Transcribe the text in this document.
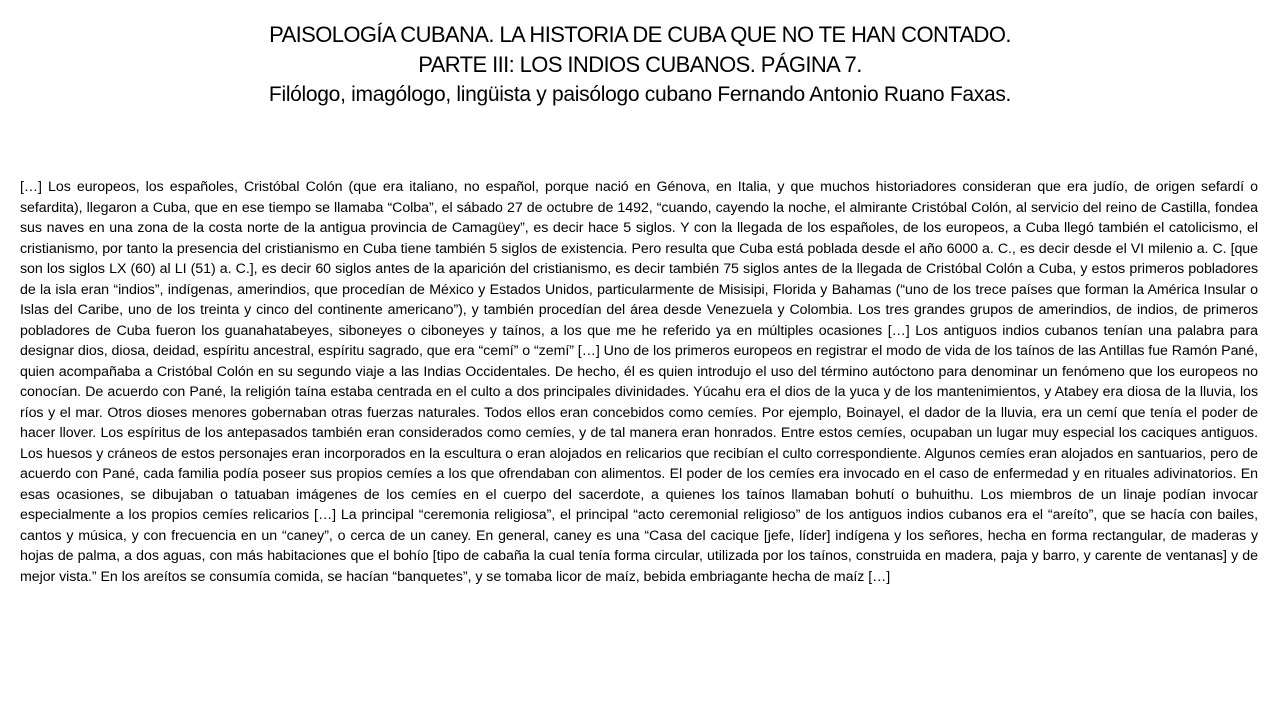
PAISOLOGÍA CUBANA. LA HISTORIA DE CUBA QUE NO TE HAN CONTADO.

PARTE III: LOS INDIOS CUBANOS. PÁGINA 7.

Filólogo, imagólogo, lingüista y paisólogo cubano Fernando Antonio Ruano Faxas.

[…] Los europeos, los españoles, Cristóbal Colón (que era italiano, no español, porque nació en Génova, en Italia, y que muchos historiadores consideran que era judío, de origen sefardí o sefardita), llegaron a Cuba, que en ese tiempo se llamaba “Colba”, el sábado 27 de octubre de 1492, “cuando, cayendo la noche, el almirante Cristóbal Colón, al servicio del reino de Castilla, fondea sus naves en una zona de la costa norte de la antigua provincia de Camagüey”, es decir hace 5 siglos. Y con la llegada de los españoles, de los europeos, a Cuba llegó también el catolicismo, el cristianismo, por tanto la presencia del cristianismo en Cuba tiene también 5 siglos de existencia. Pero resulta que Cuba está poblada desde el año 6000 a. C., es decir desde el VI milenio a. C. [que son los siglos LX (60) al LI (51) a. C.], es decir 60 siglos antes de la aparición del cristianismo, es decir también 75 siglos antes de la llegada de Cristóbal Colón a Cuba, y estos primeros pobladores de la isla eran “indios”, indígenas, amerindios, que procedían de México y Estados Unidos, particularmente de Misisipi, Florida y Bahamas (“uno de los trece países que forman la América Insular o Islas del Caribe, uno de los treinta y cinco del continente americano”), y también procedían del área desde Venezuela y Colombia. Los tres grandes grupos de amerindios, de indios, de primeros pobladores de Cuba fueron los guanahatabeyes, siboneyes o ciboneyes y taínos, a los que me he referido ya en múltiples ocasiones […] Los antiguos indios cubanos tenían una palabra para designar dios, diosa, deidad, espíritu ancestral, espíritu sagrado, que era “cemí” o “zemí” […] Uno de los primeros europeos en registrar el modo de vida de los taínos de las Antillas fue Ramón Pané, quien acompañaba a Cristóbal Colón en su segundo viaje a las Indias Occidentales. De hecho, él es quien introdujo el uso del término autóctono para denominar un fenómeno que los europeos no conocían. De acuerdo con Pané, la religión taína estaba centrada en el culto a dos principales divinidades. Yúcahu era el dios de la yuca y de los mantenimientos, y Atabey era diosa de la lluvia, los ríos y el mar. Otros dioses menores gobernaban otras fuerzas naturales. Todos ellos eran concebidos como cemíes. Por ejemplo, Boinayel, el dador de la lluvia, era un cemí que tenía el poder de hacer llover. Los espíritus de los antepasados también eran considerados como cemíes, y de tal manera eran honrados. Entre estos cemíes, ocupaban un lugar muy especial los caciques antiguos. Los huesos y cráneos de estos personajes eran incorporados en la escultura o eran alojados en relicarios que recibían el culto correspondiente. Algunos cemíes eran alojados en santuarios, pero de acuerdo con Pané, cada familia podía poseer sus propios cemíes a los que ofrendaban con alimentos. El poder de los cemíes era invocado en el caso de enfermedad y en rituales adivinatorios. En esas ocasiones, se dibujaban o tatuaban imágenes de los cemíes en el cuerpo del sacerdote, a quienes los taínos llamaban bohutí o buhuithu. Los miembros de un linaje podían invocar especialmente a los propios cemíes relicarios […] La principal “ceremonia religiosa”, el principal “acto ceremonial religioso” de los antiguos indios cubanos era el “areíto”, que se hacía con bailes, cantos y música, y con frecuencia en un “caney”, o cerca de un caney. En general, caney es una “Casa del cacique [jefe, líder] indígena y los señores, hecha en forma rectangular, de maderas y hojas de palma, a dos aguas, con más habitaciones que el bohío [tipo de cabaña la cual tenía forma circular, utilizada por los taínos, construida en madera, paja y barro, y carente de ventanas] y de mejor vista.” En los areítos se consumía comida, se hacían “banquetes”, y se tomaba licor de maíz, bebida embriagante hecha de maíz […]
